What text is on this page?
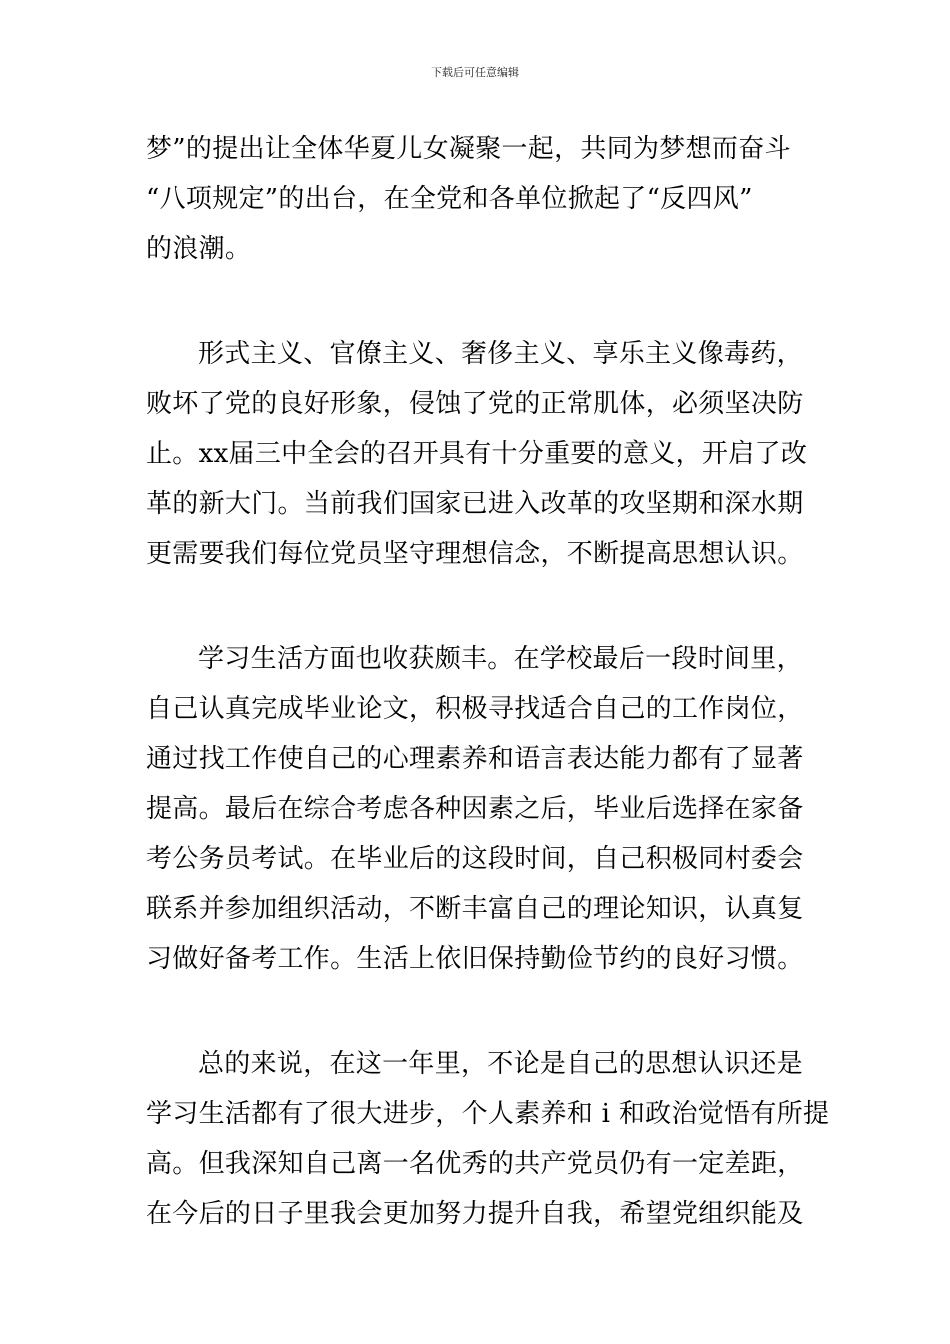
下载后可任意编辑
梦”的提出让全体华夏儿女凝聚一起，共同为梦想而奋斗
“八项规定”的出台，在全党和各单位掀起了“反四风”
的浪潮。
形式主义、官僚主义、奢侈主义、享乐主义像毒药，
败坏了党的良好形象，侵蚀了党的正常肌体，必须坚决防
止。xx届三中全会的召开具有十分重要的意义，开启了改
革的新大门。当前我们国家已进入改革的攻坚期和深水期
更需要我们每位党员坚守理想信念，不断提高思想认识。
学习生活方面也收获颇丰。在学校最后一段时间里，
自己认真完成毕业论文，积极寻找适合自己的工作岗位，
通过找工作使自己的心理素养和语言表达能力都有了显著
提高。最后在综合考虑各种因素之后，毕业后选择在家备
考公务员考试。在毕业后的这段时间，自己积极同村委会
联系并参加组织活动，不断丰富自己的理论知识，认真复
习做好备考工作。生活上依旧保持勤俭节约的良好习惯。
总的来说，在这一年里，不论是自己的思想认识还是
学习生活都有了很大进步，个人素养和 i 和政治觉悟有所提
高。但我深知自己离一名优秀的共产党员仍有一定差距，
在今后的日子里我会更加努力提升自我，希望党组织能及
